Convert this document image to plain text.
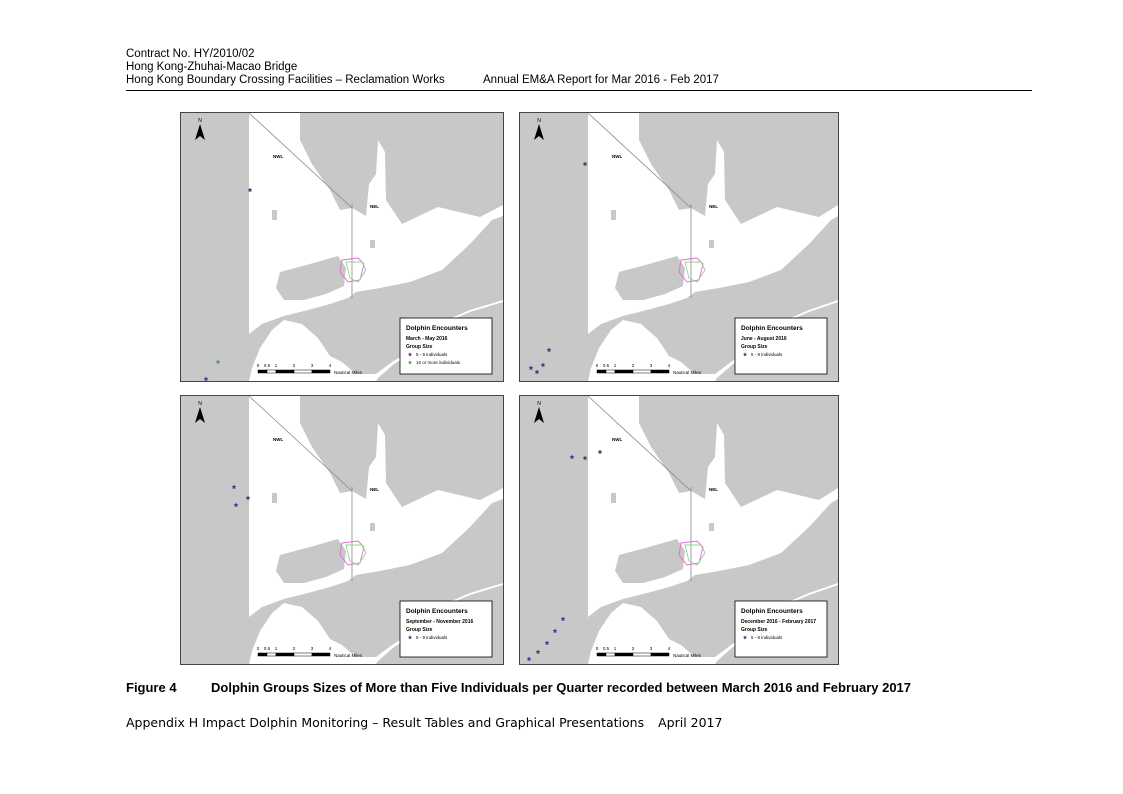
Contract No. HY/2010/02
Hong Kong-Zhuhai-Macao Bridge
Hong Kong Boundary Crossing Facilities – Reclamation Works	Annual EM&A Report for Mar 2016 - Feb 2017
N
NWL
NEL
0 0.5 1	2	3	4
Nautical Miles
Dolphin Encounters
March - May 2016
Group Size
5 - 9 individuals
10 or more individuals
N
NWL
NEL
0 0.5 1	2	3	4
Nautical Miles
Dolphin Encounters
June - August 2016
Group Size
5 - 9 individuals
N
NWL
NEL
0 0.5 1	2	3	4
Nautical Miles
Dolphin Encounters
September - November 2016
Group Size
5 - 9 individuals
N
NWL
NEL
0 0.5 1	2	3	4
Nautical Miles
Dolphin Encounters
December 2016 - February 2017
Group Size
5 - 9 individuals
Figure 4	Dolphin Groups Sizes of More than Five Individuals per Quarter recorded between March 2016 and February 2017
Appendix H Impact Dolphin Monitoring – Result Tables and Graphical Presentations April 2017
